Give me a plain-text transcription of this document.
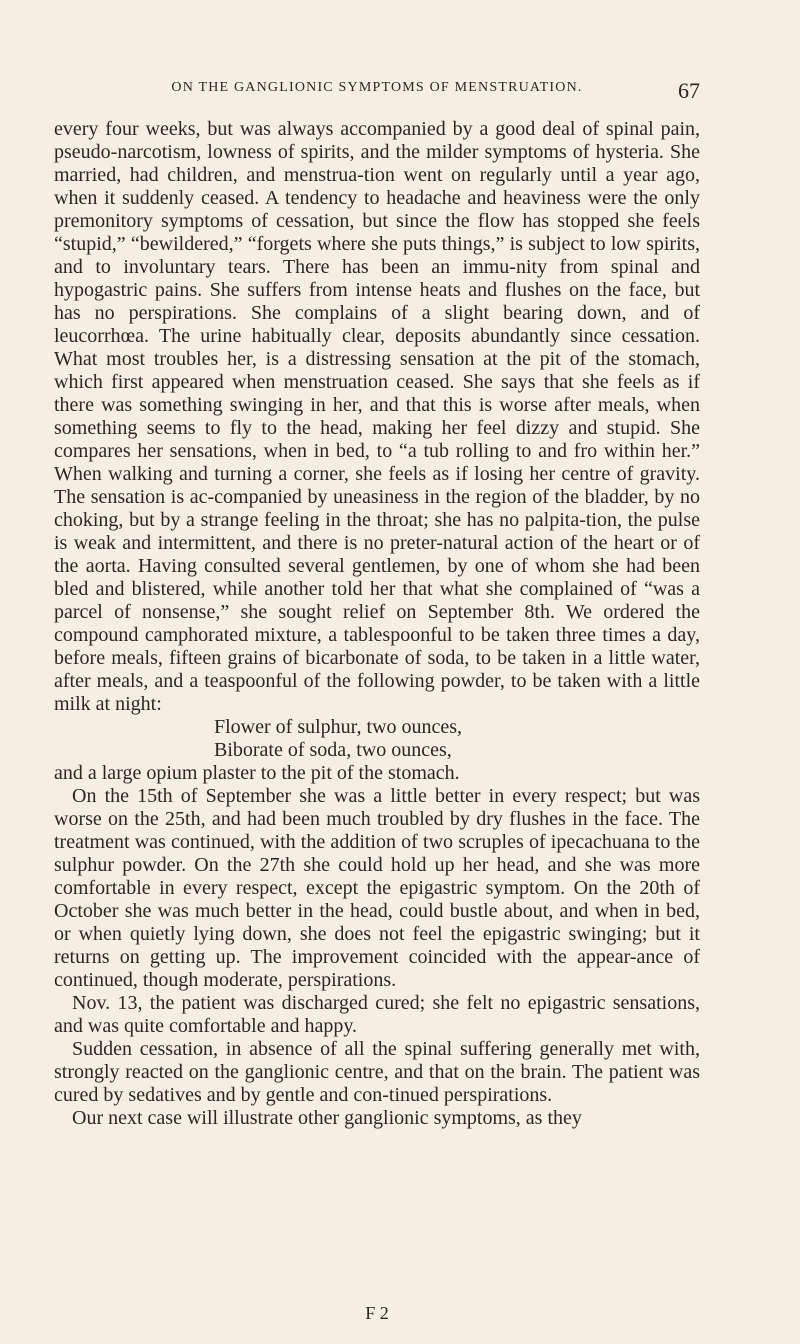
ON THE GANGLIONIC SYMPTOMS OF MENSTRUATION.	67

every four weeks, but was always accompanied by a good deal of spinal pain, pseudo-narcotism, lowness of spirits, and the milder symptoms of hysteria. She married, had children, and menstrua-tion went on regularly until a year ago, when it suddenly ceased. A tendency to headache and heaviness were the only premonitory symptoms of cessation, but since the flow has stopped she feels “stupid,” “bewildered,” “forgets where she puts things,” is subject to low spirits, and to involuntary tears. There has been an immu-nity from spinal and hypogastric pains. She suffers from intense heats and flushes on the face, but has no perspirations. She complains of a slight bearing down, and of leucorrhœa. The urine habitually clear, deposits abundantly since cessation. What most troubles her, is a distressing sensation at the pit of the stomach, which first appeared when menstruation ceased. She says that she feels as if there was something swinging in her, and that this is worse after meals, when something seems to fly to the head, making her feel dizzy and stupid. She compares her sensations, when in bed, to “a tub rolling to and fro within her.” When walking and turning a corner, she feels as if losing her centre of gravity. The sensation is ac-companied by uneasiness in the region of the bladder, by no choking, but by a strange feeling in the throat; she has no palpita-tion, the pulse is weak and intermittent, and there is no preter-natural action of the heart or of the aorta. Having consulted several gentlemen, by one of whom she had been bled and blistered, while another told her that what she complained of “was a parcel of nonsense,” she sought relief on September 8th. We ordered the compound camphorated mixture, a tablespoonful to be taken three times a day, before meals, fifteen grains of bicarbonate of soda, to be taken in a little water, after meals, and a teaspoonful of the following powder, to be taken with a little milk at night:

Flower of sulphur, two ounces,

Biborate of soda, two ounces,

and a large opium plaster to the pit of the stomach.

On the 15th of September she was a little better in every respect; but was worse on the 25th, and had been much troubled by dry flushes in the face. The treatment was continued, with the addition of two scruples of ipecachuana to the sulphur powder. On the 27th she could hold up her head, and she was more comfortable in every respect, except the epigastric symptom. On the 20th of October she was much better in the head, could bustle about, and when in bed, or when quietly lying down, she does not feel the epigastric swinging; but it returns on getting up. The improvement coincided with the appear-ance of continued, though moderate, perspirations.

Nov. 13, the patient was discharged cured; she felt no epigastric sensations, and was quite comfortable and happy.

Sudden cessation, in absence of all the spinal suffering generally met with, strongly reacted on the ganglionic centre, and that on the brain. The patient was cured by sedatives and by gentle and con-tinued perspirations.

Our next case will illustrate other ganglionic symptoms, as they

F 2
